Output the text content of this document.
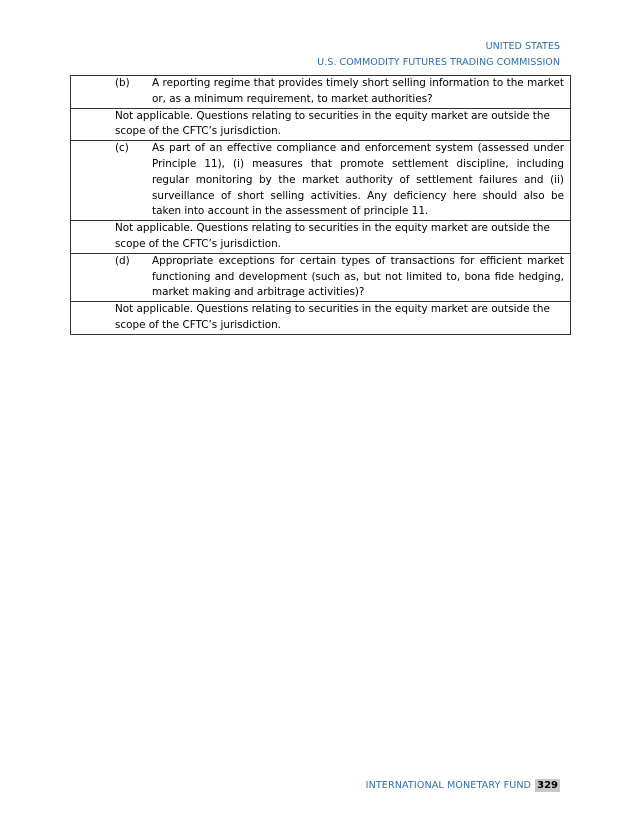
UNITED STATES
U.S. COMMODITY FUTURES TRADING COMMISSION
(b)	A reporting regime that provides timely short selling information to the market or, as a minimum requirement, to market authorities?
Not applicable. Questions relating to securities in the equity market are outside the scope of the CFTC’s jurisdiction.
(c)	As part of an effective compliance and enforcement system (assessed under Principle 11), (i) measures that promote settlement discipline, including regular monitoring by the market authority of settlement failures and (ii) surveillance of short selling activities. Any deficiency here should also be taken into account in the assessment of principle 11.
Not applicable. Questions relating to securities in the equity market are outside the scope of the CFTC’s jurisdiction.
(d)	Appropriate exceptions for certain types of transactions for efficient market functioning and development (such as, but not limited to, bona fide hedging, market making and arbitrage activities)?
Not applicable. Questions relating to securities in the equity market are outside the scope of the CFTC’s jurisdiction.
INTERNATIONAL MONETARY FUND 329
